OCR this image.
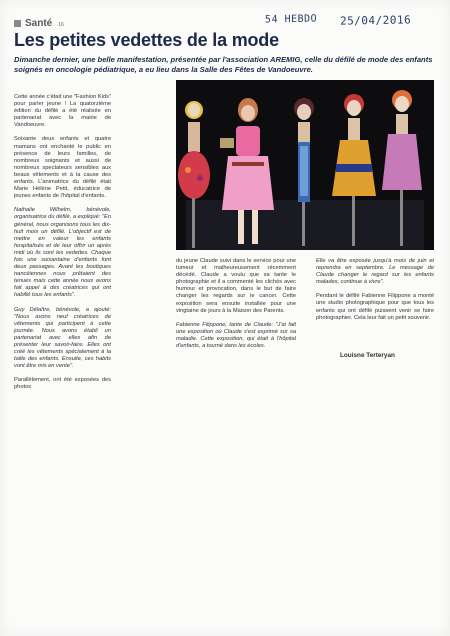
Santé 16	54 HEBDO 25/04/2016
Les petites vedettes de la mode

Dimanche dernier, une belle manifestation, présentée par l'association AREMIG, celle du défilé de mode des enfants soignés en oncologie pédiatrique, a eu lieu dans la Salle des Fêtes de Vandoeuvre.

Cette année c'était une "Fashion Kids" pour parler jeune ! La quatorzième édition du défilé a été réalisée en partenariat avec la mairie de Vandoeuvre.

Soixante deux enfants et quatre mamans ont enchanté le public en présence de leurs familles, de nombreux soignants et aussi de nombreux spectateurs sensibles aux beaux vêtements et à la cause des enfants. L'animatrice du défilé était Marie Hélène Petit, éducatrice de jeunes enfants de l'hôpital d'enfants.

Nathalie Wilhelm, bénévole, organisatrice du défilé, a expliqué: "En général, nous organisons tous les dix-huit mois un défilé. L'objectif est de mettre en valeur les enfants hospitalisés et de leur offrir un après midi où ils sont les vedettes. Chaque fois une soixantaine d'enfants font deux passages. Avant les boutiques nancéiennes nous prêtaient des tenues mais cette année nous avons fait appel à des créatrices qui ont habillé tous les enfants".

Guy Délaître, bénévole, a ajouté: "Nous avons neuf créatrices de vêtements qui participent à cette journée. Nous avons établi un partenariat avec elles afin de présenter leur savoir-faire. Elles ont créé les vêtements spécialement à la taille des enfants. Ensuite, ces habits vont être mis en vente".

Parallèlement, ont été exposées des photos

du jeune Claude suivi dans le service pour une tumeur et malheureusement récemment décédé. Claude a voulu que sa tante le photographie et il a commenté les clichés avec humour et provocation, dans le but de faire changer les regards sur le cancer. Cette exposition sera ensuite installée pour une vingtaine de jours à la Maison des Parents.

Fabienne Filippone, tante de Claude: "J'ai fait une exposition où Claude s'est exprimé sur sa maladie. Cette exposition, qui était à l'hôpital d'enfants, a tourné dans les écoles.

Elle va être exposée jusqu'à mois de juin et reprendra en septembre. Le message de Claude changer le regard sur les enfants malades, continue à vivre".

Pendant le défilé Fabienne Filippone a monté une studio photographique pour que tous les enfants qui ont défilé puissent venir se faire photographier. Cela leur fait un petit souvenir.

Louisne Terteryan
